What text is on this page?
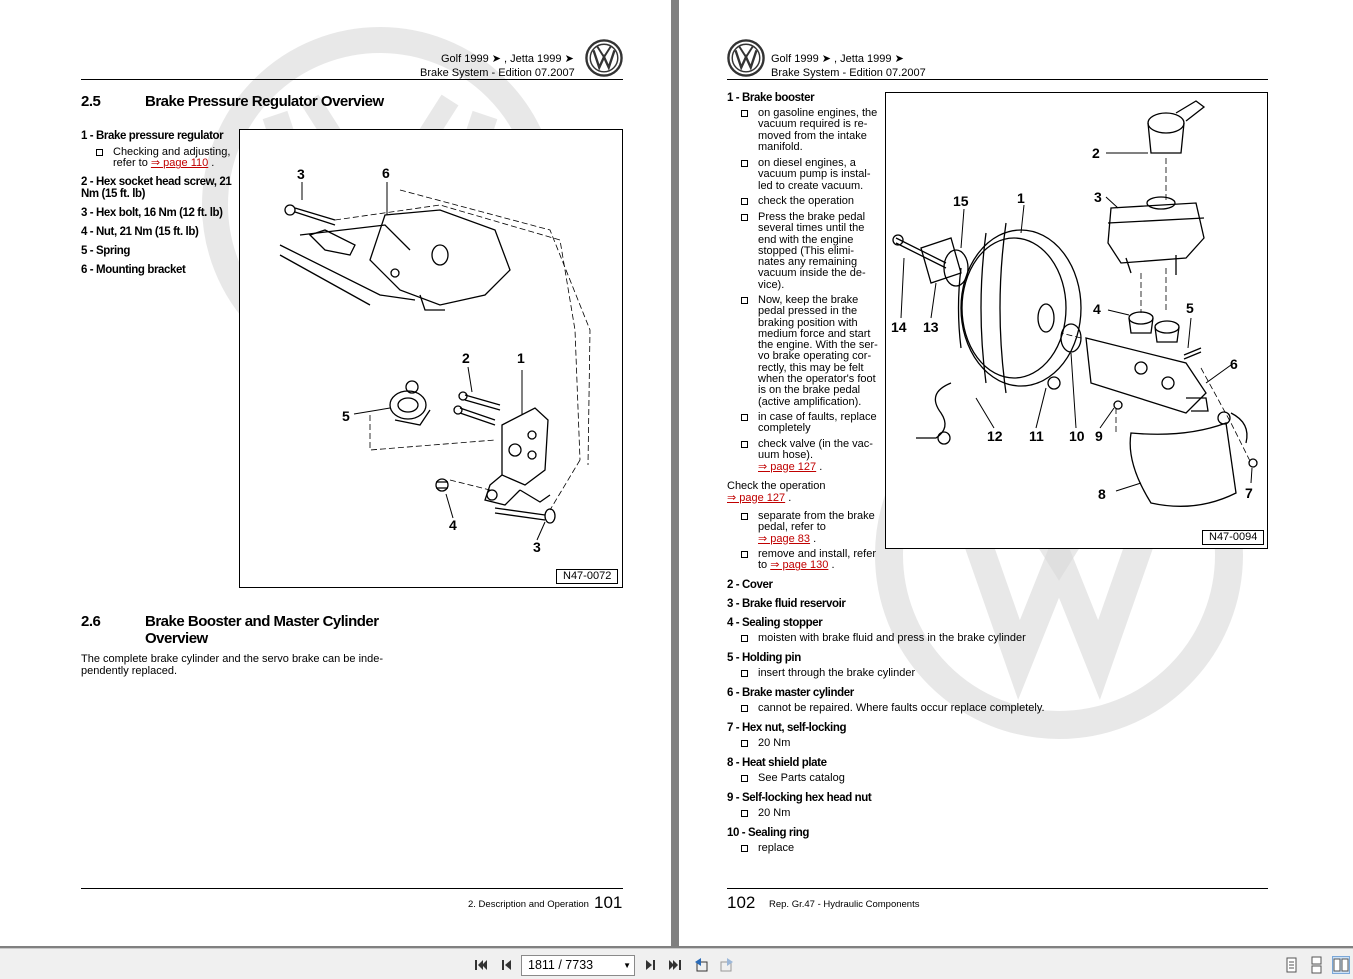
Golf 1999 ➤ , Jetta 1999 ➤
Brake System - Edition 07.2007
2.5	Brake Pressure Regulator Overview
1 - Brake pressure regulator
Checking and adjusting,
refer to ⇒ page 110 .
2 - Hex socket head screw, 21
Nm (15 ft. lb)
3 - Hex bolt, 16 Nm (12 ft. lb)
4 - Nut, 21 Nm (15 ft. lb)
5 - Spring
6 - Mounting bracket
3	6
2	1
5
4
3
N47-0072
2.6	Brake Booster and Master Cylinder
Overview
The complete brake cylinder and the servo brake can be inde-
pendently replaced.
2. Description and Operation 101
Golf 1999 ➤ , Jetta 1999 ➤
Brake System - Edition 07.2007
1 - Brake booster
on gasoline engines, the
vacuum required is re-
moved from the intake
manifold.
on diesel engines, a
vacuum pump is instal-
led to create vacuum.
check the operation
Press the brake pedal
several times until the
end with the engine
stopped (This elimi-
nates any remaining
vacuum inside the de-
vice).
Now, keep the brake
pedal pressed in the
braking position with
medium force and start
the engine. With the ser-
vo brake operating cor-
rectly, this may be felt
when the operator's foot
is on the brake pedal
(active amplification).
in case of faults, replace
completely
check valve (in the vac-
uum hose).
⇒ page 127 .
Check the operation
⇒ page 127 .
separate from the brake
pedal, refer to
⇒ page 83 .
remove and install, refer
to ⇒ page 130 .
2 - Cover
3 - Brake fluid reservoir
4 - Sealing stopper
moisten with brake fluid and press in the brake cylinder
5 - Holding pin
insert through the brake cylinder
6 - Brake master cylinder
cannot be repaired. Where faults occur replace completely.
7 - Hex nut, self-locking
20 Nm
8 - Heat shield plate
See Parts catalog
9 - Self-locking hex head nut
20 Nm
10 - Sealing ring
replace
2
3
15	1
4	5
6
14 13
12 11 10 9
8	7
N47-0094
102 Rep. Gr.47 - Hydraulic Components
1811 / 7733	▼
